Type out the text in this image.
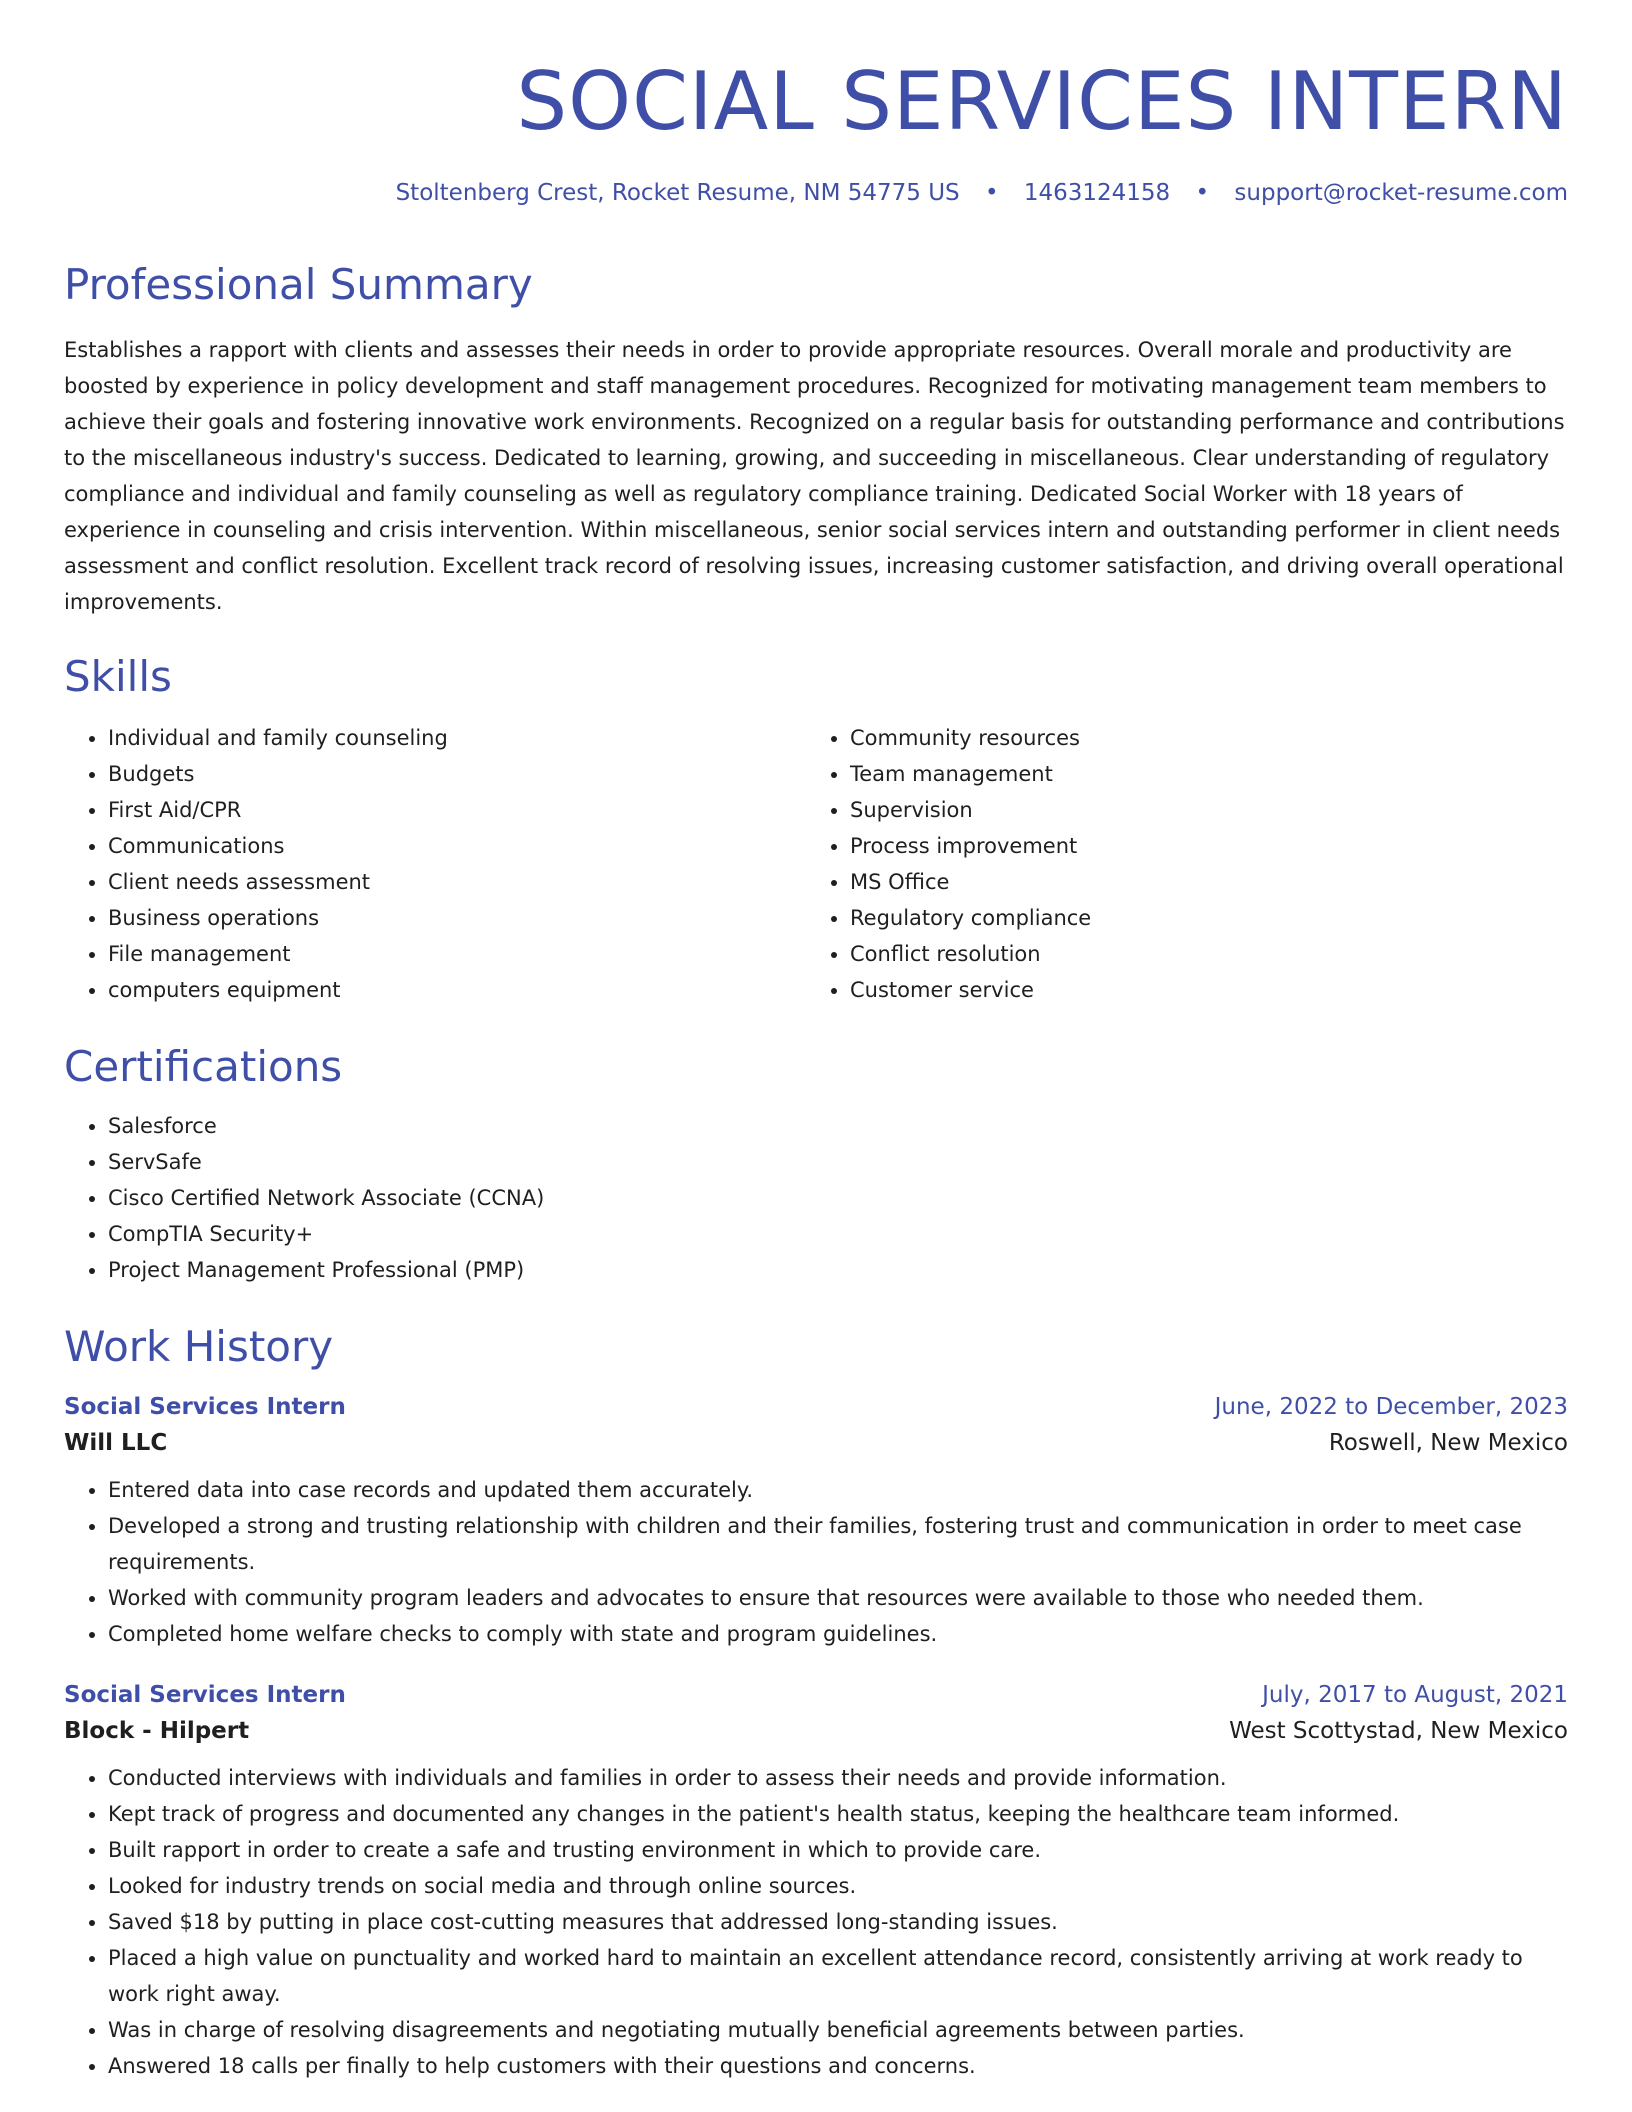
SOCIAL SERVICES INTERN
Stoltenberg Crest, Rocket Resume, NM 54775 US • 1463124158 • support@rocket-resume.com
Professional Summary
Establishes a rapport with clients and assesses their needs in order to provide appropriate resources. Overall morale and productivity are boosted by experience in policy development and staff management procedures. Recognized for motivating management team members to achieve their goals and fostering innovative work environments. Recognized on a regular basis for outstanding performance and contributions to the miscellaneous industry's success. Dedicated to learning, growing, and succeeding in miscellaneous. Clear understanding of regulatory compliance and individual and family counseling as well as regulatory compliance training. Dedicated Social Worker with 18 years of experience in counseling and crisis intervention. Within miscellaneous, senior social services intern and outstanding performer in client needs assessment and conflict resolution. Excellent track record of resolving issues, increasing customer satisfaction, and driving overall operational improvements.
Skills
• Individual and family counseling
• Budgets
• First Aid/CPR
• Communications
• Client needs assessment
• Business operations
• File management
• computers equipment
• Community resources
• Team management
• Supervision
• Process improvement
• MS Office
• Regulatory compliance
• Conflict resolution
• Customer service
Certifications
• Salesforce
• ServSafe
• Cisco Certified Network Associate (CCNA)
• CompTIA Security+
• Project Management Professional (PMP)
Work History
Social Services Intern	June, 2022 to December, 2023
Will LLC	Roswell, New Mexico
• Entered data into case records and updated them accurately.
• Developed a strong and trusting relationship with children and their families, fostering trust and communication in order to meet case requirements.
• Worked with community program leaders and advocates to ensure that resources were available to those who needed them.
• Completed home welfare checks to comply with state and program guidelines.
Social Services Intern	July, 2017 to August, 2021
Block - Hilpert	West Scottystad, New Mexico
• Conducted interviews with individuals and families in order to assess their needs and provide information.
• Kept track of progress and documented any changes in the patient's health status, keeping the healthcare team informed.
• Built rapport in order to create a safe and trusting environment in which to provide care.
• Looked for industry trends on social media and through online sources.
• Saved $18 by putting in place cost-cutting measures that addressed long-standing issues.
• Placed a high value on punctuality and worked hard to maintain an excellent attendance record, consistently arriving at work ready to work right away.
• Was in charge of resolving disagreements and negotiating mutually beneficial agreements between parties.
• Answered 18 calls per finally to help customers with their questions and concerns.
